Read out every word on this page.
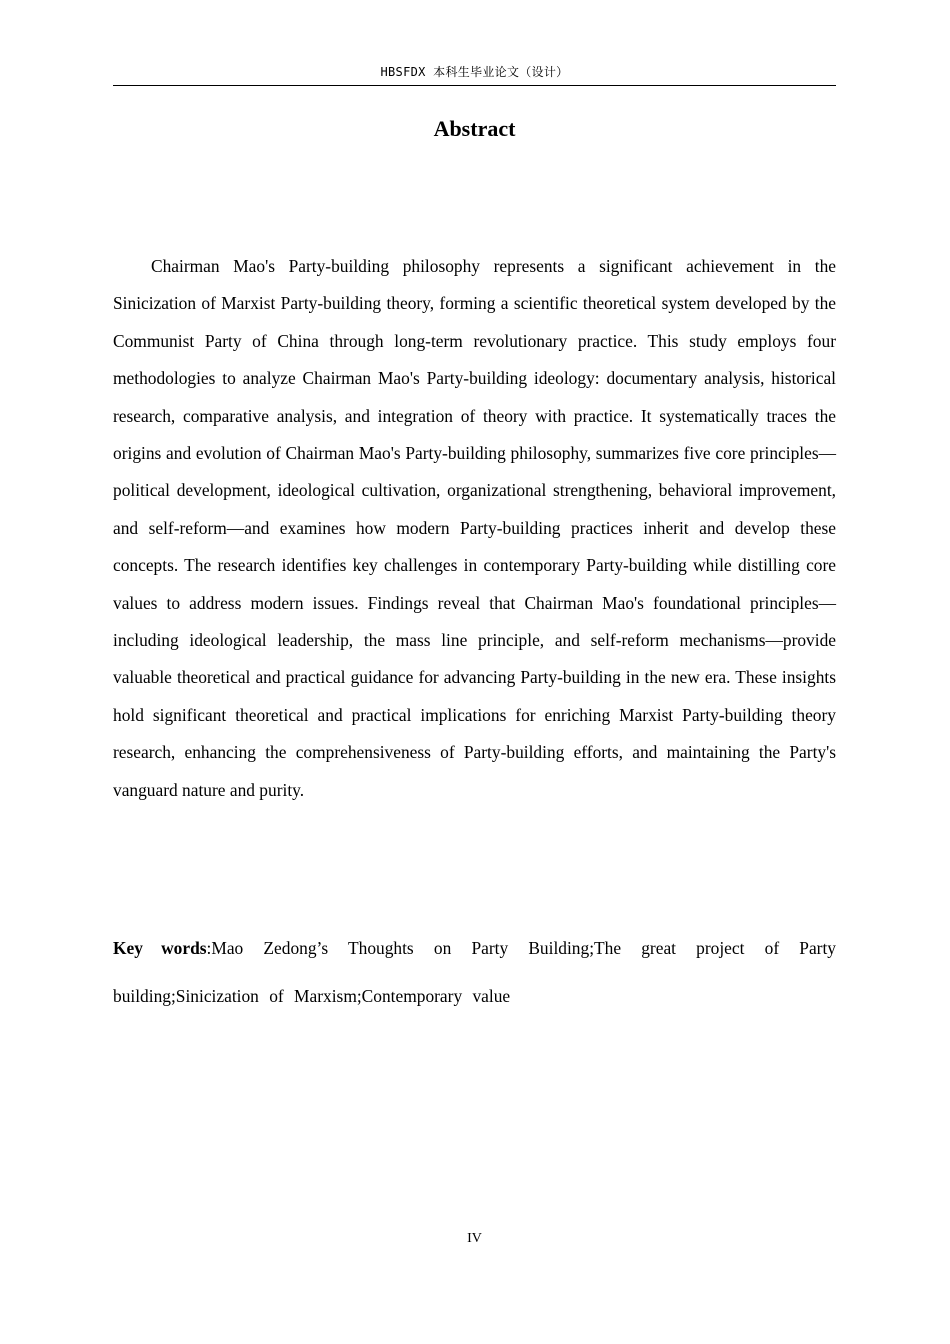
HBSFDX 本科生毕业论文（设计）
Abstract

Chairman Mao's Party-building philosophy represents a significant achievement in the Sinicization of Marxist Party-building theory, forming a scientific theoretical system developed by the Communist Party of China through long-term revolutionary practice. This study employs four methodologies to analyze Chairman Mao's Party-building ideology: documentary analysis, historical research, comparative analysis, and integration of theory with practice. It systematically traces the origins and evolution of Chairman Mao's Party-building philosophy, summarizes five core principles—political development, ideological cultivation, organizational strengthening, behavioral improvement, and self-reform—and examines how modern Party-building practices inherit and develop these concepts. The research identifies key challenges in contemporary Party-building while distilling core values to address modern issues. Findings reveal that Chairman Mao's foundational principles—including ideological leadership, the mass line principle, and self-reform mechanisms—provide valuable theoretical and practical guidance for advancing Party-building in the new era. These insights hold significant theoretical and practical implications for enriching Marxist Party-building theory research, enhancing the comprehensiveness of Party-building efforts, and maintaining the Party's vanguard nature and purity.

Key words:Mao Zedong’s Thoughts on Party Building;The great project of Party building;Sinicization of Marxism;Contemporary value

IV
